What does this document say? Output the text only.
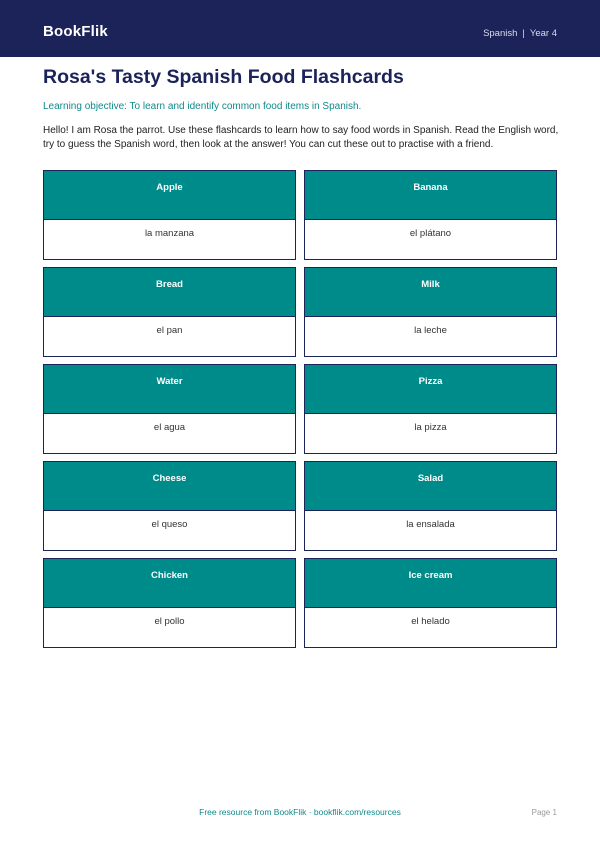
BookFlik	Spanish | Year 4
Rosa's Tasty Spanish Food Flashcards
Learning objective: To learn and identify common food items in Spanish.
Hello! I am Rosa the parrot. Use these flashcards to learn how to say food words in Spanish. Read the English word, try to guess the Spanish word, then look at the answer! You can cut these out to practise with a friend.
Apple
la manzana
Banana
el plátano
Bread
el pan
Milk
la leche
Water
el agua
Pizza
la pizza
Cheese
el queso
Salad
la ensalada
Chicken
el pollo
Ice cream
el helado
Free resource from BookFlik · bookflik.com/resources	Page 1
